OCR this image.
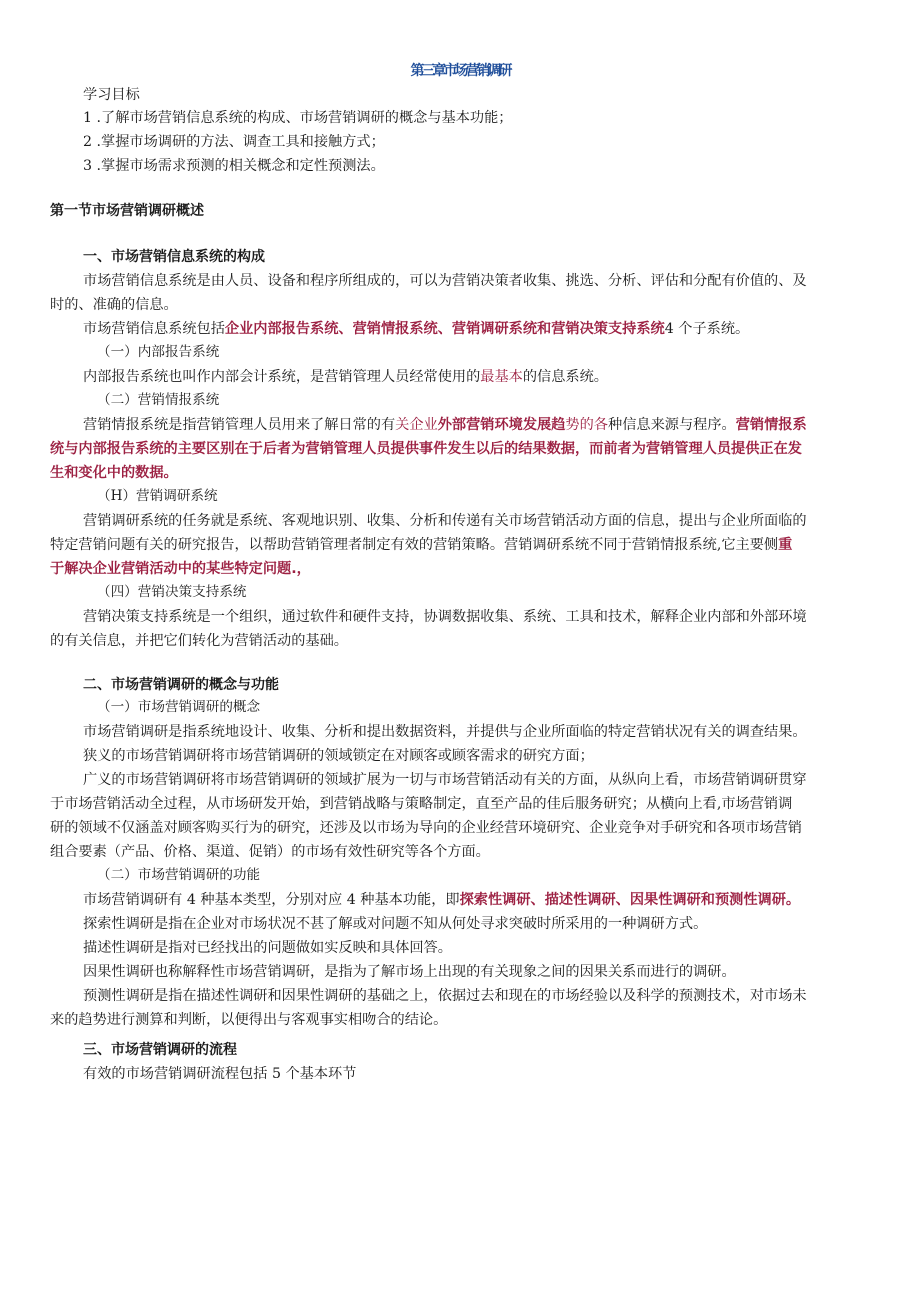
第三章市场营销调研
学习目标
1 .了解市场营销信息系统的构成、市场营销调研的概念与基本功能；
2 .掌握市场调研的方法、调查工具和接触方式；
3 .掌握市场需求预测的相关概念和定性预测法。
第一节市场营销调研概述
一、市场营销信息系统的构成
市场营销信息系统是由人员、设备和程序所组成的，可以为营销决策者收集、挑选、分析、评估和分配有价值的、及
时的、准确的信息。
市场营销信息系统包括企业内部报告系统、营销情报系统、营销调研系统和营销决策支持系统4 个子系统。
（一）内部报告系统
内部报告系统也叫作内部会计系统，是营销管理人员经常使用的最基本的信息系统。
（二）营销情报系统
营销情报系统是指营销管理人员用来了解日常的有关企业外部营销环境发展趋势的各种信息来源与程序。营销情报系
统与内部报告系统的主要区别在于后者为营销管理人员提供事件发生以后的结果数据，而前者为营销管理人员提供正在发
生和变化中的数据。
（H）营销调研系统
营销调研系统的任务就是系统、客观地识别、收集、分析和传递有关市场营销活动方面的信息，提出与企业所面临的
特定营销问题有关的研究报告，以帮助营销管理者制定有效的营销策略。营销调研系统不同于营销情报系统,它主要侧重
于解决企业营销活动中的某些特定问题.，
（四）营销决策支持系统
营销决策支持系统是一个组织，通过软件和硬件支持，协调数据收集、系统、工具和技术，解释企业内部和外部环境
的有关信息，并把它们转化为营销活动的基础。
二、市场营销调研的概念与功能
（一）市场营销调研的概念
市场营销调研是指系统地设计、收集、分析和提出数据资料，并提供与企业所面临的特定营销状况有关的调查结果。
狭义的市场营销调研将市场营销调研的领域锁定在对顾客或顾客需求的研究方面；
广义的市场营销调研将市场营销调研的领域扩展为一切与市场营销活动有关的方面，从纵向上看，市场营销调研贯穿
于市场营销活动全过程，从市场研发开始，到营销战略与策略制定，直至产品的佳后服务研究；从横向上看,市场营销调
研的领域不仅涵盖对顾客购买行为的研究，还涉及以市场为导向的企业经营环境研究、企业竞争对手研究和各项市场营销
组合要素（产品、价格、渠道、促销）的市场有效性研究等各个方面。
（二）市场营销调研的功能
市场营销调研有 4 种基本类型，分别对应 4 种基本功能，即探索性调研、描述性调研、因果性调研和预测性调研。
探索性调研是指在企业对市场状况不甚了解或对问题不知从何处寻求突破时所采用的一种调研方式。
描述性调研是指对已经找出的问题做如实反映和具体回答。
因果性调研也称解释性市场营销调研，是指为了解市场上出现的有关现象之间的因果关系而进行的调研。
预测性调研是指在描述性调研和因果性调研的基础之上，依据过去和现在的市场经验以及科学的预测技术，对市场未
来的趋势进行测算和判断，以便得出与客观事实相吻合的结论。
三、市场营销调研的流程
有效的市场营销调研流程包括 5 个基本环节
